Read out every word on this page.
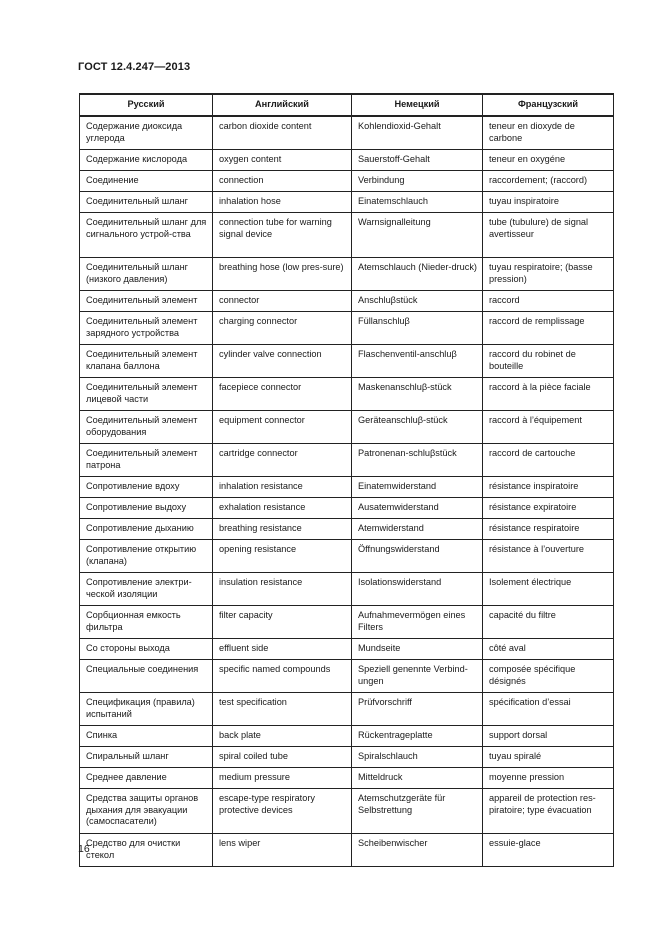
ГОСТ 12.4.247—2013
Русский	Английский	Немецкий	Французский
Содержание диоксида углерода	carbon dioxide content	Kohlendioxid-Gehalt	teneur en dioxyde de carbone
Содержание кислорода	oxygen content	Sauerstoff-Gehalt	teneur en oxygéne
Соединение	connection	Verbindung	raccordement; (raccord)
Соединительный шланг	inhalation hose	Einatemschlauch	tuyau inspiratoire
Соединительный шланг для сигнального устрой-ства	connection tube for warning signal device	Warnsignalleitung	tube (tubulure) de signal avertisseur
Соединительный шланг (низкого давления)	breathing hose (low pres-sure)	Atemschlauch (Nieder-druck)	tuyau respiratoire; (basse pression)
Соединительный элемент	connector	Anschluβstück	raccord
Соединительный элемент зарядного устройства	charging connector	Füllanschluβ	raccord de remplissage
Соединительный элемент клапана баллона	cylinder valve connection	Flaschenventil-anschluβ	raccord du robinet de bouteille
Соединительный элемент лицевой части	facepiece connector	Maskenanschluβ-stück	raccord à la pièce faciale
Соединительный элемент оборудования	equipment connector	Geräteanschluβ-stück	raccord à l’équipement
Соединительный элемент патрона	cartridge connector	Patronenan-schluβstück	raccord de cartouche
Сопротивление вдоху	inhalation resistance	Einatemwiderstand	résistance inspiratoire
Сопротивление выдоху	exhalation resistance	Ausatemwiderstand	résistance expiratoire
Сопротивление дыханию	breathing resistance	Atemwiderstand	résistance respiratoire
Сопротивление открытию (клапана)	opening resistance	Öffnungswiderstand	résistance à l’ouverture
Сопротивление электри-ческой изоляции	insulation resistance	Isolationswiderstand	Isolement électrique
Сорбционная емкость фильтра	filter capacity	Aufnahmevermögen eines Filters	capacité du filtre
Со стороны выхода	effluent side	Mundseite	côté aval
Специальные соединения	specific named compounds	Speziell genennte Verbind-ungen	composée spécifique désignés
Спецификация (правила) испытаний	test specification	Prüfvorschriff	spécification d’essai
Спинка	back plate	Rückentrageplatte	support dorsal
Спиральный шланг	spiral coiled tube	Spiralschlauch	tuyau spiralé
Среднее давление	medium pressure	Mitteldruck	moyenne pression
Средства защиты органов дыхания для эвакуации (самоспасатели)	escape-type respiratory protective devices	Atemschutzgeräte für Selbstrettung	appareil de protection res-piratoire; type évacuation
Средство для очистки стекол	lens wiper	Scheibenwischer	essuie-glace
16
